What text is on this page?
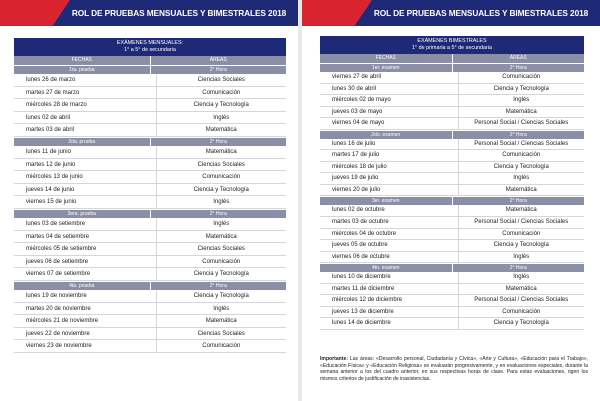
ROL DE PRUEBAS MENSUALES Y BIMESTRALES 2018
EXÁMENES MENSUALES:
1° a 5° de secundaria
FECHAS	ÁREAS
1ra. prueba	2° Hora
lunes 26 de marzo	Ciencias Sociales
martes 27 de marzo	Comunicación
miércoles 28 de marzo	Ciencia y Tecnología
lunes 02 de abril	Inglés
martes 03 de abril	Matemática
2da. prueba	2° Hora
lunes 11 de junio	Matemática
martes 12 de junio	Ciencias Sociales
miércoles 13 de junio	Comunicación
jueves 14 de junio	Ciencia y Tecnología
viernes 15 de junio	Inglés
3era. prueba	2° Hora
lunes 03 de setiembre	Inglés
martes 04 de setiembre	Matemática
miércoles 05 de setiembre	Ciencias Sociales
jueves 06 de setiembre	Comunicación
viernes 07 de setiembre	Ciencia y Tecnología
4ta. prueba	2° Hora
lunes 19 de noviembre	Ciencia y Tecnología
martes 20 de noviembre	Inglés
miércoles 21 de noviembre	Matemática
jueves 22 de noviembre	Ciencias Sociales
viernes 23 de noviembre	Comunicación
ROL DE PRUEBAS MENSUALES Y BIMESTRALES 2018
EXÁMENES BIMESTRALES
1° de primaria a 5° de secundaria
FECHAS	ÁREAS
1er. examen	2° Hora
viernes 27 de abril	Comunicación
lunes 30 de abril	Ciencia y Tecnología
miércoles 02 de mayo	Inglés
jueves 03 de mayo	Matemática
viernes 04 de mayo	Personal Social / Ciencias Sociales
2do. examen	2° Hora
lunes 16 de julio	Personal Social / Ciencias Sociales
martes 17 de julio	Comunicación
miércoles 18 de julio	Ciencia y Tecnología
jueves 19 de julio	Inglés
viernes 20 de julio	Matemática
3er. examen	2° Hora
lunes 02 de octubre	Matemática
martes 03 de octubre	Personal Social / Ciencias Sociales
miércoles 04 de octubre	Comunicación
jueves 05 de octubre	Ciencia y Tecnología
viernes 06 de octubre	Inglés
4to. examen	2° Hora
lunes 10 de diciembre	Inglés
martes 11 de diciembre	Matemática
miércoles 12 de diciembre	Personal Social / Ciencias Sociales
jueves 13 de diciembre	Comunicación
lunes 14 de diciembre	Ciencia y Tecnología
Importante: Las áreas: «Desarrollo personal, Ciudadanía y Cívica», «Arte y Cultura», «Educación para el Trabajo», «Educación Física» y «Educación Religiosa» se evaluarán progresivamente, y en evaluaciones especiales, durante la semana anterior a los del cuadro anterior, en sus respectivas horas de clase. Para estas evaluaciones, rigen los mismos criterios de justificación de inasistencias.
